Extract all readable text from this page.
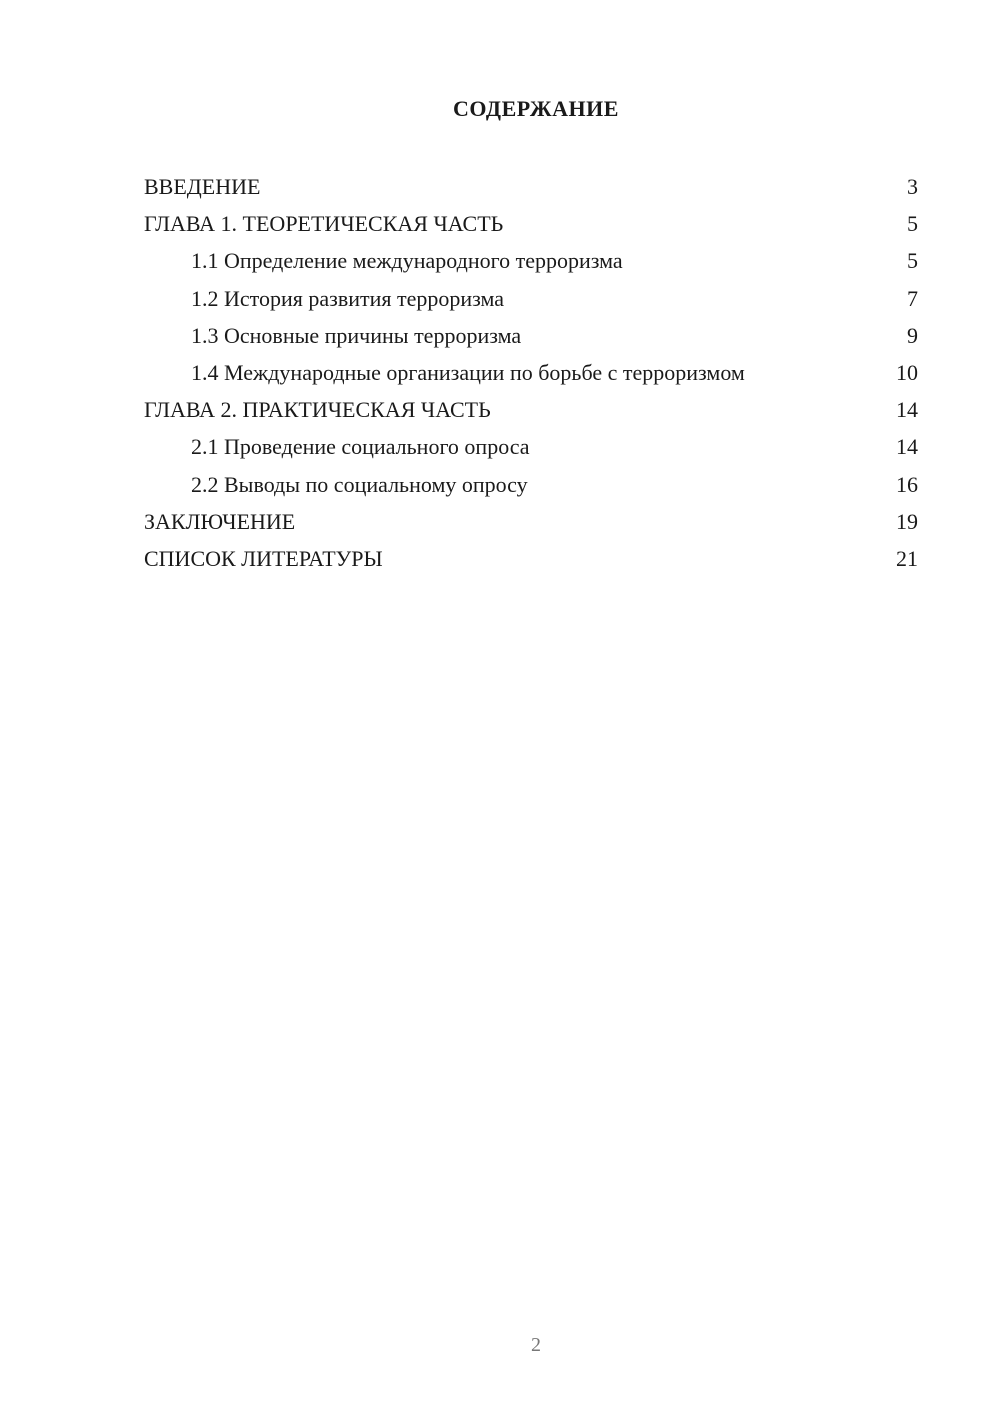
СОДЕРЖАНИЕ
ВВЕДЕНИЕ	3
ГЛАВА 1. ТЕОРЕТИЧЕСКАЯ ЧАСТЬ	5
1.1 Определение международного терроризма	5
1.2 История развития терроризма	7
1.3 Основные причины терроризма	9
1.4 Международные организации по борьбе с терроризмом	10
ГЛАВА 2. ПРАКТИЧЕСКАЯ ЧАСТЬ	14
2.1 Проведение социального опроса	14
2.2 Выводы по социальному опросу	16
ЗАКЛЮЧЕНИЕ	19
СПИСОК ЛИТЕРАТУРЫ	21
2
